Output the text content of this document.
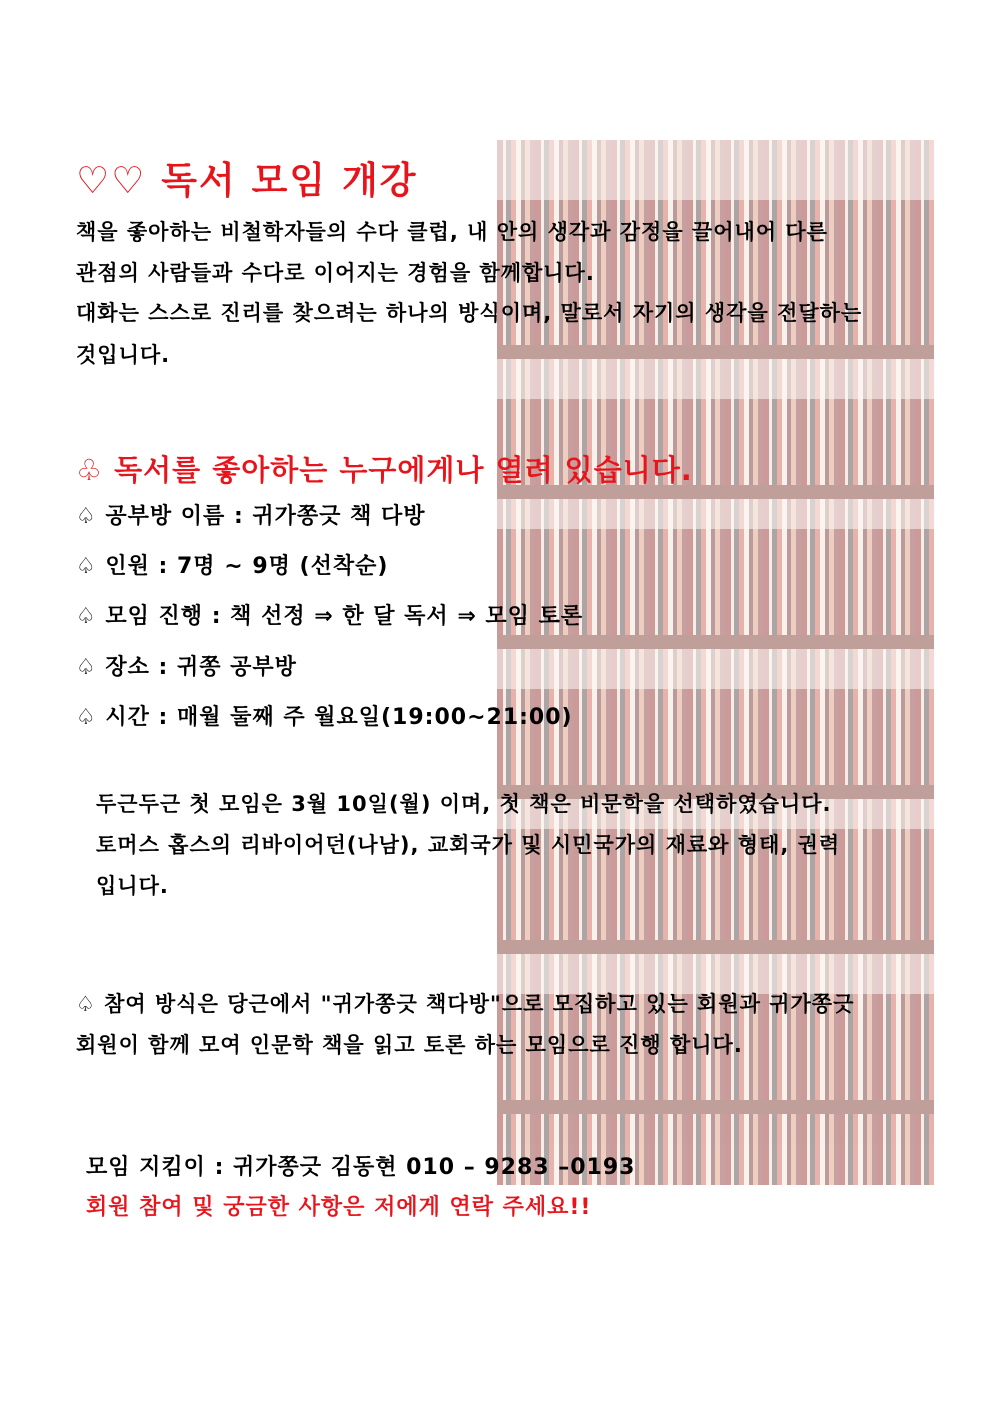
♡♡ 독서 모임 개강
책을 좋아하는 비철학자들의 수다 클럽, 내 안의 생각과 감정을 끌어내어 다른
관점의 사람들과 수다로 이어지는 경험을 함께합니다.
대화는 스스로 진리를 찾으려는 하나의 방식이며, 말로서 자기의 생각을 전달하는
것입니다.
♧ 독서를 좋아하는 누구에게나 열려 있습니다.
♤ 공부방 이름 : 귀가쫑긋 책 다방
♤ 인원 : 7명 ~ 9명 (선착순)
♤ 모임 진행 : 책 선정 ⇒ 한 달 독서 ⇒ 모임 토론
♤ 장소 : 귀쫑 공부방
♤ 시간 : 매월 둘째 주 월요일(19:00~21:00)
두근두근 첫 모임은 3월 10일(월) 이며, 첫 책은 비문학을 선택하였습니다.
토머스 홉스의 리바이어던(나남), 교회국가 및 시민국가의 재료와 형태, 권력
입니다.
♤ 참여 방식은 당근에서 "귀가쫑긋 책다방"으로 모집하고 있는 회원과 귀가쫑긋
회원이 함께 모여 인문학 책을 읽고 토론 하는 모임으로 진행 합니다.
모임 지킴이 : 귀가쫑긋 김동현 010 – 9283 –0193
회원 참여 및 궁금한 사항은 저에게 연락 주세요!!
